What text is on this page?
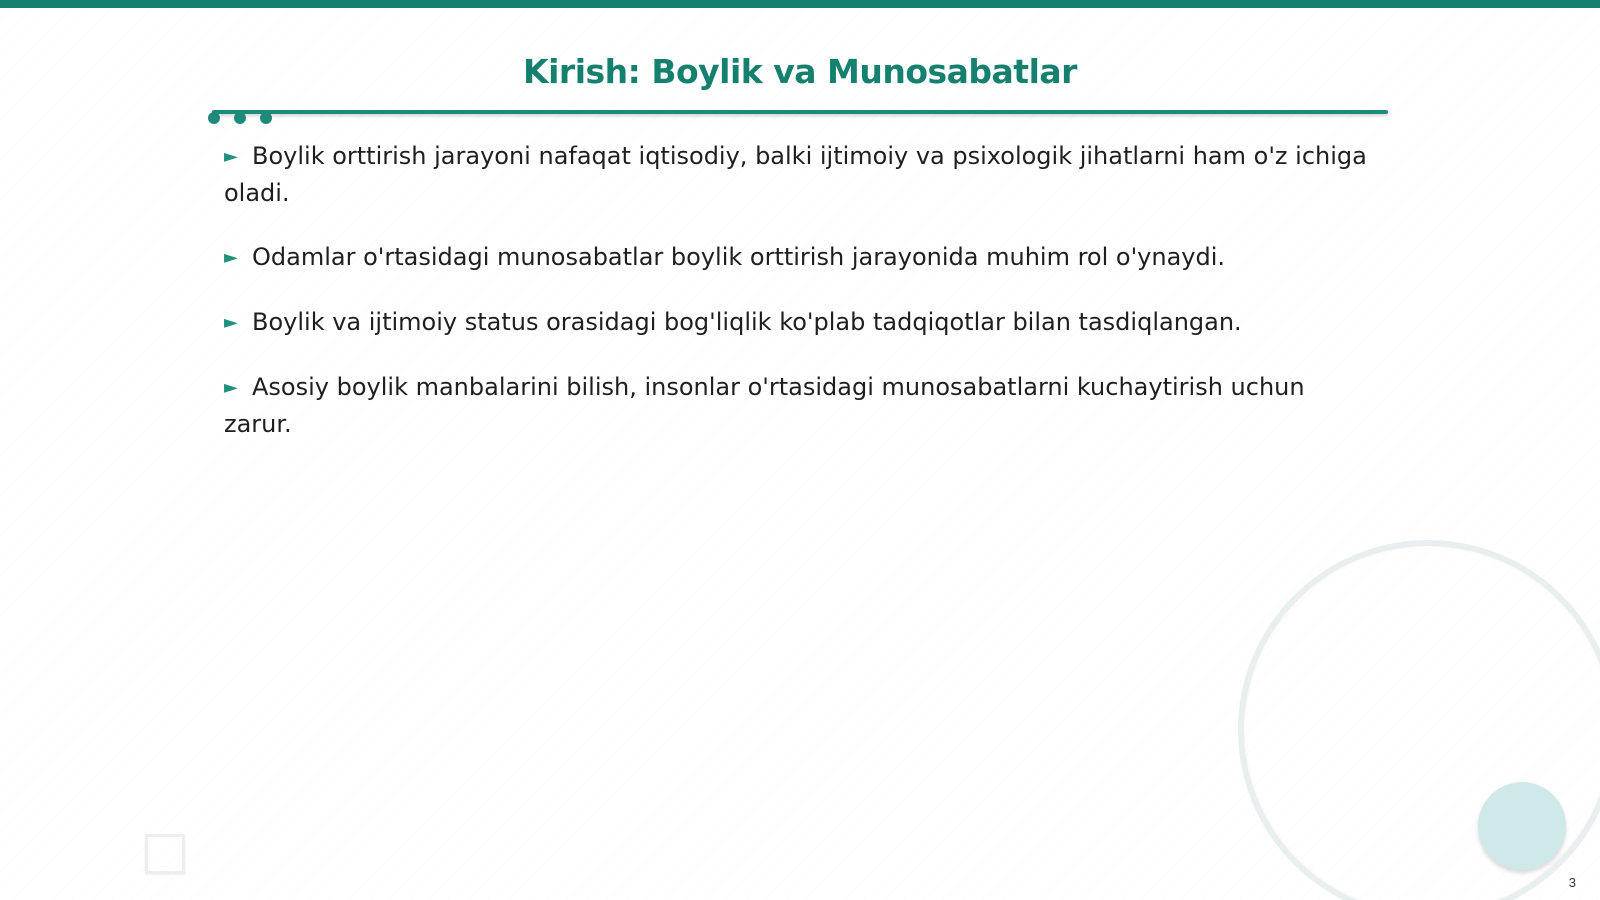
Kirish: Boylik va Munosabatlar
► Boylik orttirish jarayoni nafaqat iqtisodiy, balki ijtimoiy va psixologik jihatlarni ham o'z ichiga oladi.
► Odamlar o'rtasidagi munosabatlar boylik orttirish jarayonida muhim rol o'ynaydi.
► Boylik va ijtimoiy status orasidagi bog'liqlik ko'plab tadqiqotlar bilan tasdiqlangan.
► Asosiy boylik manbalarini bilish, insonlar o'rtasidagi munosabatlarni kuchaytirish uchun zarur.
3
